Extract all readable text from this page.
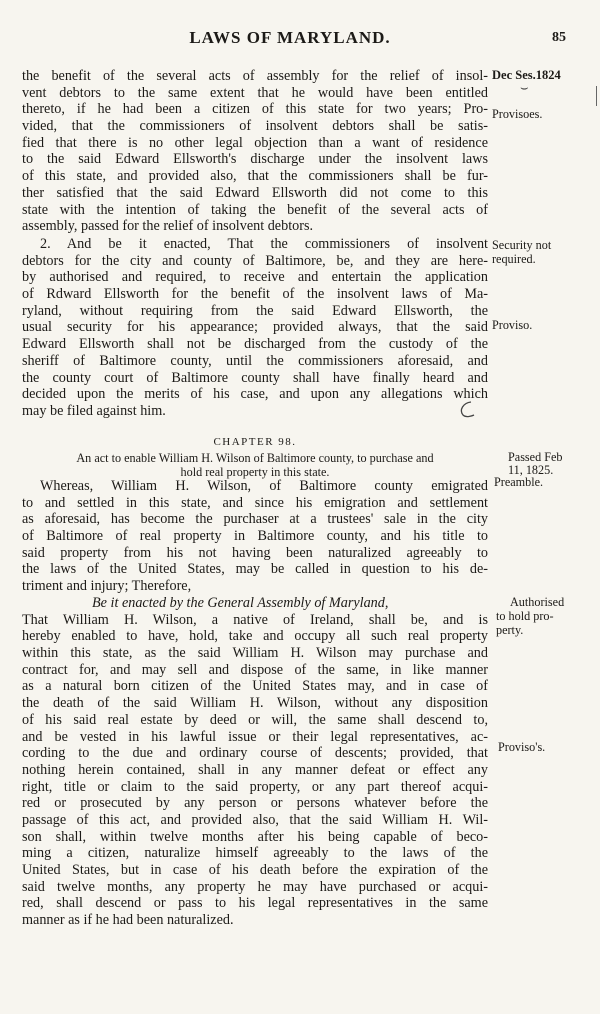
LAWS OF MARYLAND.	85
the benefit of the several acts of assembly for the relief of insol-
vent debtors to the same extent that he would have been entitled
thereto, if he had been a citizen of this state for two years; Pro-
vided, that the commissioners of insolvent debtors shall be satis-
fied that there is no other legal objection than a want of residence
to the said Edward Ellsworth's discharge under the insolvent laws
of this state, and provided also, that the commissioners shall be fur-
ther satisfied that the said Edward Ellsworth did not come to this
state with the intention of taking the benefit of the several acts of
assembly, passed for the relief of insolvent debtors.
2. And be it enacted, That the commissioners of insolvent
debtors for the city and county of Baltimore, be, and they are here-
by authorised and required, to receive and entertain the application
of Rdward Ellsworth for the benefit of the insolvent laws of Ma-
ryland, without requiring from the said Edward Ellsworth, the
usual security for his appearance; provided always, that the said
Edward Ellsworth shall not be discharged from the custody of the
sheriff of Baltimore county, until the commissioners aforesaid, and
the county court of Baltimore county shall have finally heard and
decided upon the merits of his case, and upon any allegations which
may be filed against him.
CHAPTER 98.
An act to enable William H. Wilson of Baltimore county, to purchase and
hold real property in this state.
Whereas, William H. Wilson, of Baltimore county emigrated
to and settled in this state, and since his emigration and settlement
as aforesaid, has become the purchaser at a trustees' sale in the city
of Baltimore of real property in Baltimore county, and his title to
said property from his not having been naturalized agreeably to
the laws of the United States, may be called in question to his de-
triment and injury; Therefore,
Be it enacted by the General Assembly of Maryland,
That William H. Wilson, a native of Ireland, shall be, and is
hereby enabled to have, hold, take and occupy all such real property
within this state, as the said William H. Wilson may purchase and
contract for, and may sell and dispose of the same, in like manner
as a natural born citizen of the United States may, and in case of
the death of the said William H. Wilson, without any disposition
of his said real estate by deed or will, the same shall descend to,
and be vested in his lawful issue or their legal representatives, ac-
cording to the due and ordinary course of descents; provided, that
nothing herein contained, shall in any manner defeat or effect any
right, title or claim to the said property, or any part thereof acqui-
red or prosecuted by any person or persons whatever before the
passage of this act, and provided also, that the said William H. Wil-
son shall, within twelve months after his being capable of beco-
ming a citizen, naturalize himself agreeably to the laws of the
United States, but in case of his death before the expiration of the
said twelve months, any property he may have purchased or acqui-
red, shall descend or pass to his legal representatives in the same
manner as if he had been naturalized.
Dec Ses.1824
⌣
Provisoes.
Security not
required.
Proviso.
Passed Feb
11, 1825.
Preamble.
Authorised
to hold pro-
perty.
Proviso's.
